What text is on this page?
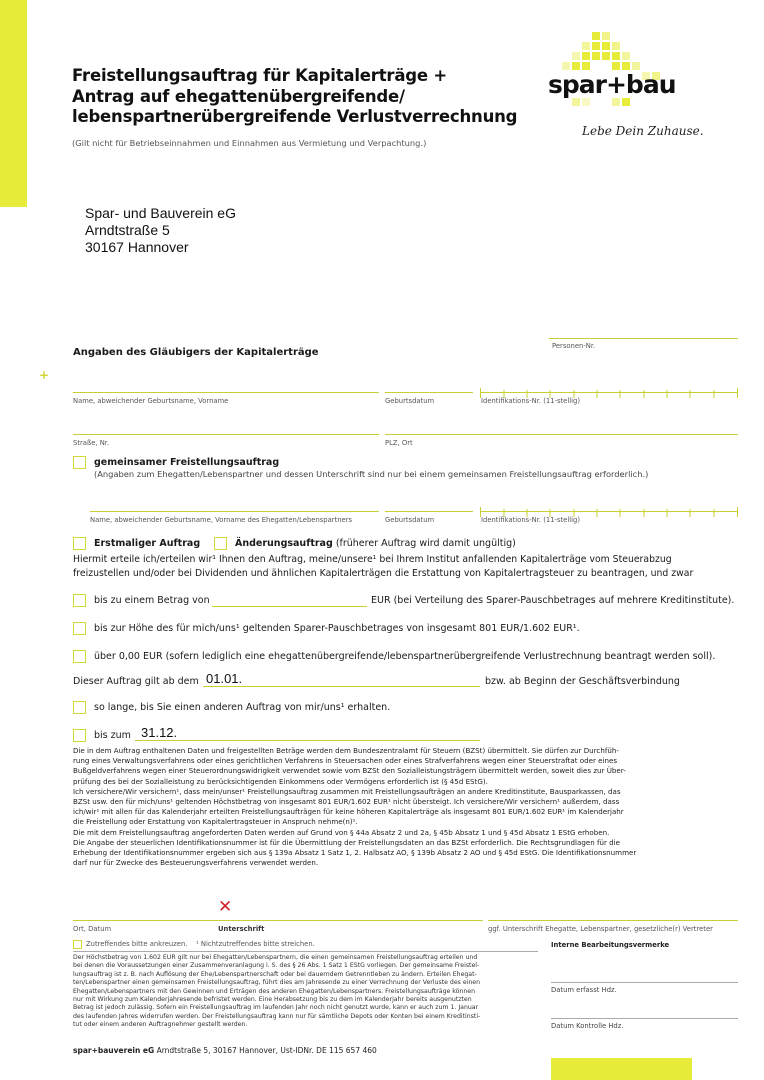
Freistellungsauftrag für Kapitalerträge +
Antrag auf ehegattenübergreifende/
lebenspartnerübergreifende Verlustverrechnung
(Gilt nicht für Betriebseinnahmen und Einnahmen aus Vermietung und Verpachtung.)
spar+bau
Lebe Dein Zuhause.
Spar- und Bauverein eG
Arndtstraße 5
30167 Hannover
Personen-Nr.
Angaben des Gläubigers der Kapitalerträge
+
Name, abweichender Geburtsname, Vorname	Geburtsdatum	Identifikations-Nr. (11-stellig)
Straße, Nr.	PLZ, Ort
gemeinsamer Freistellungsauftrag
(Angaben zum Ehegatten/Lebenspartner und dessen Unterschrift sind nur bei einem gemeinsamen Freistellungsauftrag erforderlich.)
Name, abweichender Geburtsname, Vorname des Ehegatten/Lebenspartners	Geburtsdatum	Identifikations-Nr. (11-stellig)
Erstmaliger Auftrag	Änderungsauftrag (früherer Auftrag wird damit ungültig)
Hiermit erteile ich/erteilen wir¹ Ihnen den Auftrag, meine/unsere¹ bei Ihrem Institut anfallenden Kapitalerträge vom Steuerabzug
freizustellen und/oder bei Dividenden und ähnlichen Kapitalerträgen die Erstattung von Kapitalertragsteuer zu beantragen, und zwar
bis zu einem Betrag von	EUR (bei Verteilung des Sparer-Pauschbetrages auf mehrere Kreditinstitute).
bis zur Höhe des für mich/uns¹ geltenden Sparer-Pauschbetrages von insgesamt 801 EUR/1.602 EUR¹.
über 0,00 EUR (sofern lediglich eine ehegattenübergreifende/lebenspartnerübergreifende Verlustrechnung beantragt werden soll).
Dieser Auftrag gilt ab dem 01.01.	bzw. ab Beginn der Geschäftsverbindung
so lange, bis Sie einen anderen Auftrag von mir/uns¹ erhalten.
bis zum 31.12.
Die in dem Auftrag enthaltenen Daten und freigestellten Beträge werden dem Bundeszentralamt für Steuern (BZSt) übermittelt. Sie dürfen zur Durchfüh-
rung eines Verwaltungsverfahrens oder eines gerichtlichen Verfahrens in Steuersachen oder eines Strafverfahrens wegen einer Steuerstraftat oder eines
Bußgeldverfahrens wegen einer Steuerordnungswidrigkeit verwendet sowie vom BZSt den Sozialleistungsträgern übermittelt werden, soweit dies zur Über-
prüfung des bei der Sozialleistung zu berücksichtigenden Einkommens oder Vermögens erforderlich ist (§ 45d EStG).
Ich versichere/Wir versichern¹, dass mein/unser¹ Freistellungsauftrag zusammen mit Freistellungsaufträgen an andere Kreditinstitute, Bausparkassen, das
BZSt usw. den für mich/uns¹ geltenden Höchstbetrag von insgesamt 801 EUR/1.602 EUR¹ nicht übersteigt. Ich versichere/Wir versichern¹ außerdem, dass
ich/wir¹ mit allen für das Kalenderjahr erteilten Freistellungsaufträgen für keine höheren Kapitalerträge als insgesamt 801 EUR/1.602 EUR¹ im Kalenderjahr
die Freistellung oder Erstattung von Kapitalertragsteuer in Anspruch nehme(n)¹.
Die mit dem Freistellungsauftrag angeforderten Daten werden auf Grund von § 44a Absatz 2 und 2a, § 45b Absatz 1 und § 45d Absatz 1 EStG erhoben.
Die Angabe der steuerlichen Identifikationsnummer ist für die Übermittlung der Freistellungsdaten an das BZSt erforderlich. Die Rechtsgrundlagen für die
Erhebung der Identifikationsnummer ergeben sich aus § 139a Absatz 1 Satz 1, 2. Halbsatz AO, § 139b Absatz 2 AO und § 45d EStG. Die Identifikationsnummer
darf nur für Zwecke des Besteuerungsverfahrens verwendet werden.
✕
Ort, Datum	Unterschrift	ggf. Unterschrift Ehegatte, Lebenspartner, gesetzliche(r) Vertreter
Zutreffendes bitte ankreuzen. ¹ Nichtzutreffendes bitte streichen.
Der Höchstbetrag von 1.602 EUR gilt nur bei Ehegatten/Lebenspartnern, die einen gemeinsamen Freistellungsauftrag erteilen und
bei denen die Voraussetzungen einer Zusammenveranlagung i. S. des § 26 Abs. 1 Satz 1 EStG vorliegen. Der gemeinsame Freistel-
lungsauftrag ist z. B. nach Auflösung der Ehe/Lebenspartnerschaft oder bei dauerndem Getrenntleben zu ändern. Erteilen Ehegat-
ten/Lebenspartner einen gemeinsamen Freistellungsauftrag, führt dies am Jahresende zu einer Verrechnung der Verluste des einen
Ehegatten/Lebenspartners mit den Gewinnen und Erträgen des anderen Ehegatten/Lebenspartners. Freistellungsaufträge können
nur mit Wirkung zum Kalenderjahresende befristet werden. Eine Herabsetzung bis zu dem im Kalenderjahr bereits ausgenutzten
Betrag ist jedoch zulässig. Sofern ein Freistellungsauftrag im laufenden Jahr noch nicht genutzt wurde, kann er auch zum 1. Januar
des laufenden Jahres widerrufen werden. Der Freistellungsauftrag kann nur für sämtliche Depots oder Konten bei einem Kreditinsti-
tut oder einem anderen Auftragnehmer gestellt werden.
Interne Bearbeitungsvermerke
Datum erfasst Hdz.
Datum Kontrolle Hdz.
spar+bauverein eG Arndtstraße 5, 30167 Hannover, Ust-IDNr. DE 115 657 460
